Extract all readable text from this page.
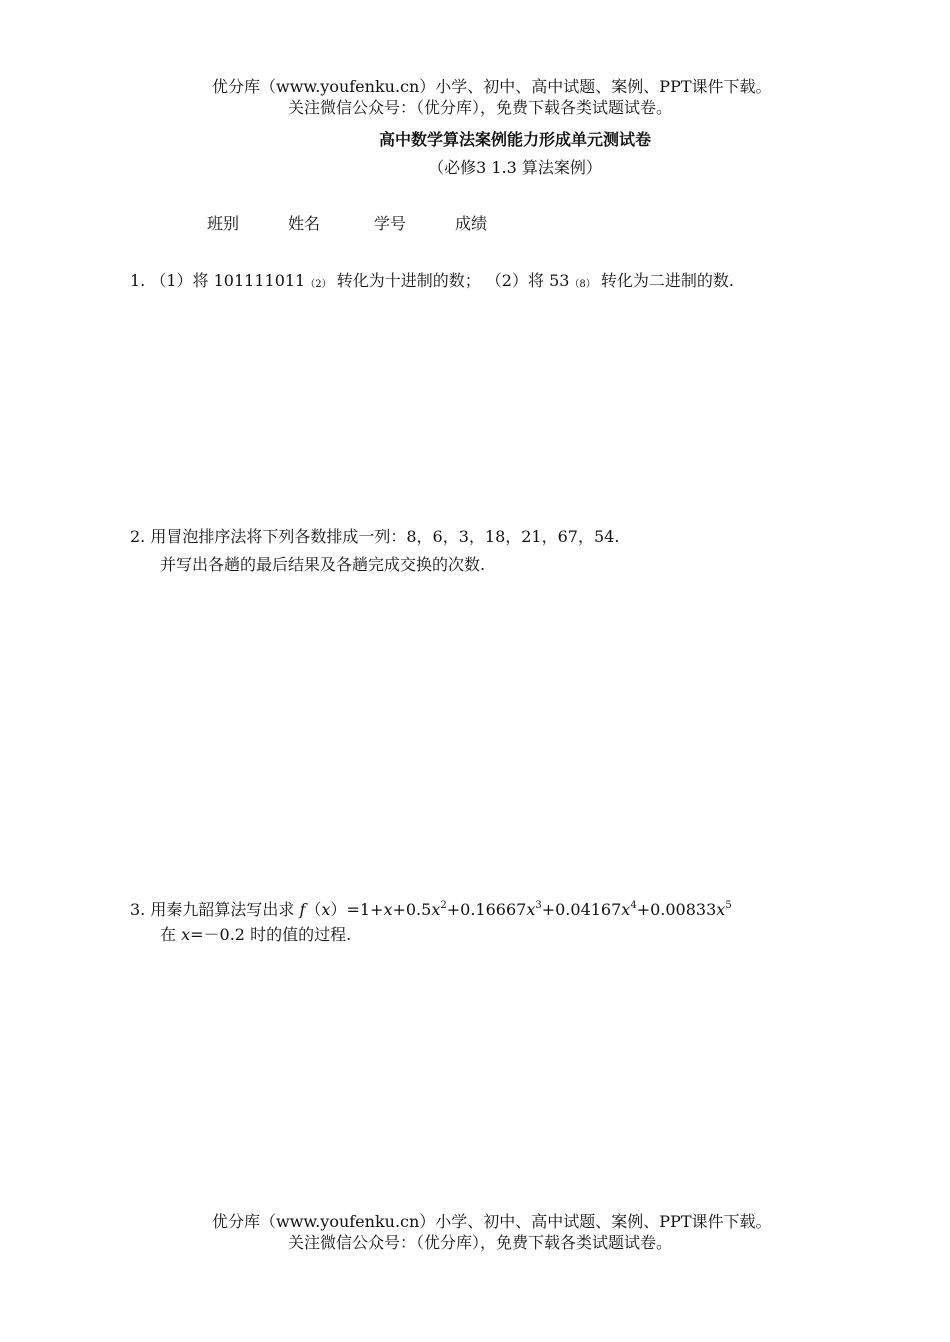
优分库（www.youfenku.cn）小学、初中、高中试题、案例、PPT课件下载。
关注微信公众号：（优分库），免费下载各类试题试卷。
高中数学算法案例能力形成单元测试卷
（必修3 1.3 算法案例）
班别	姓名	学号	成绩
1. （1）将 101111011（2） 转化为十进制的数； （2）将 53（8） 转化为二进制的数.
2. 用冒泡排序法将下列各数排成一列：8，6，3，18，21，67，54.
并写出各趟的最后结果及各趟完成交换的次数.
3. 用秦九韶算法写出求 $f(x)=1+x+0.5x^2+0.16667x^3+0.04167x^4+0.00833x^5$
在 x=－0.2 时的值的过程.
优分库（www.youfenku.cn）小学、初中、高中试题、案例、PPT课件下载。
关注微信公众号：（优分库），免费下载各类试题试卷。
